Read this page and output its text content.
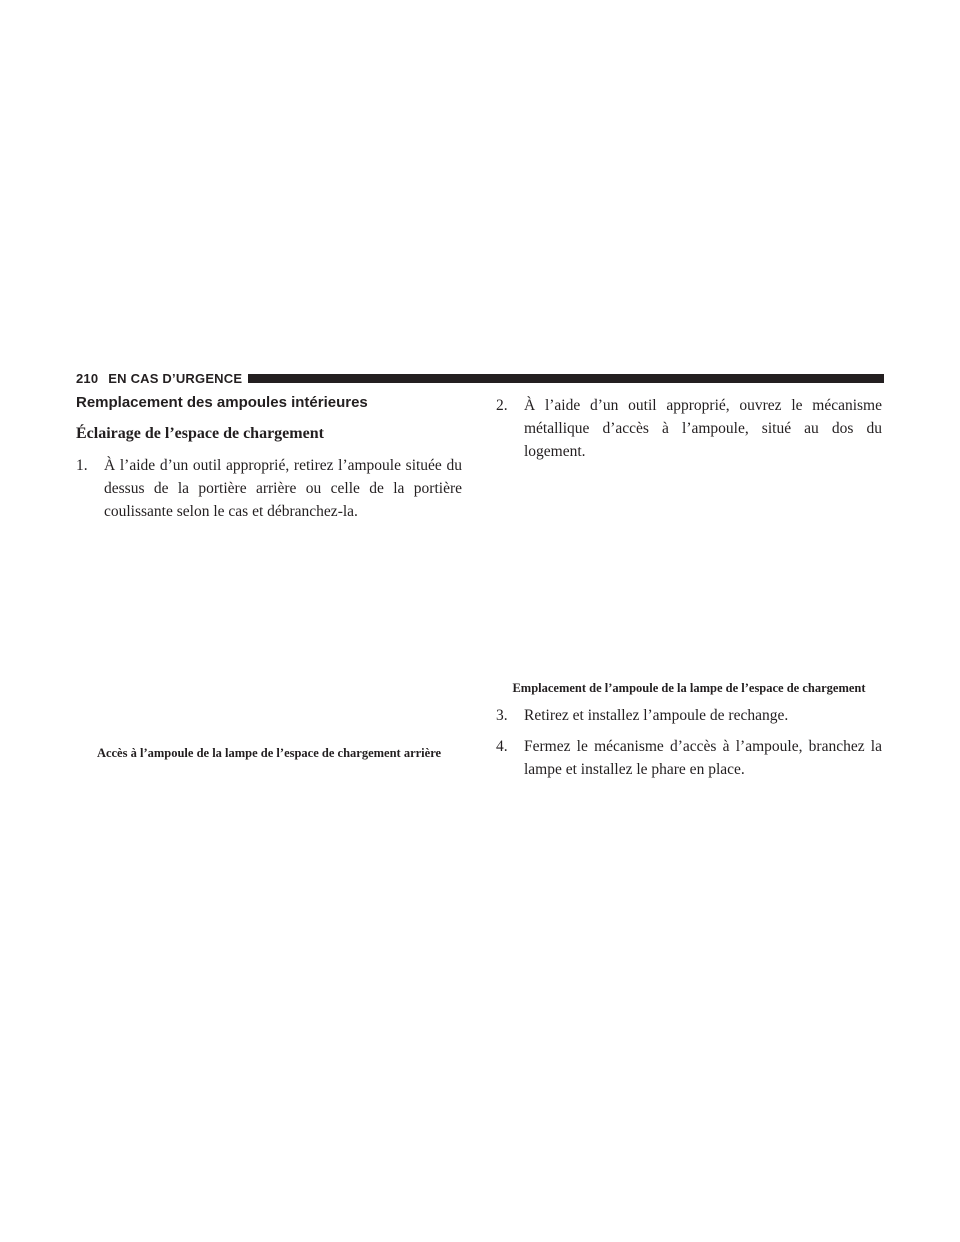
210 EN CAS D’URGENCE
Remplacement des ampoules intérieures
Éclairage de l’espace de chargement

1. À l’aide d’un outil approprié, retirez l’ampoule située du dessus de la portière arrière ou celle de la portière coulissante selon le cas et débranchez-la.

Accès à l’ampoule de la lampe de l’espace de chargement arrière

2. À l’aide d’un outil approprié, ouvrez le mécanisme métallique d’accès à l’ampoule, situé au dos du logement.

Emplacement de l’ampoule de la lampe de l’espace de chargement

3. Retirez et installez l’ampoule de rechange.

4. Fermez le mécanisme d’accès à l’ampoule, branchez la lampe et installez le phare en place.
